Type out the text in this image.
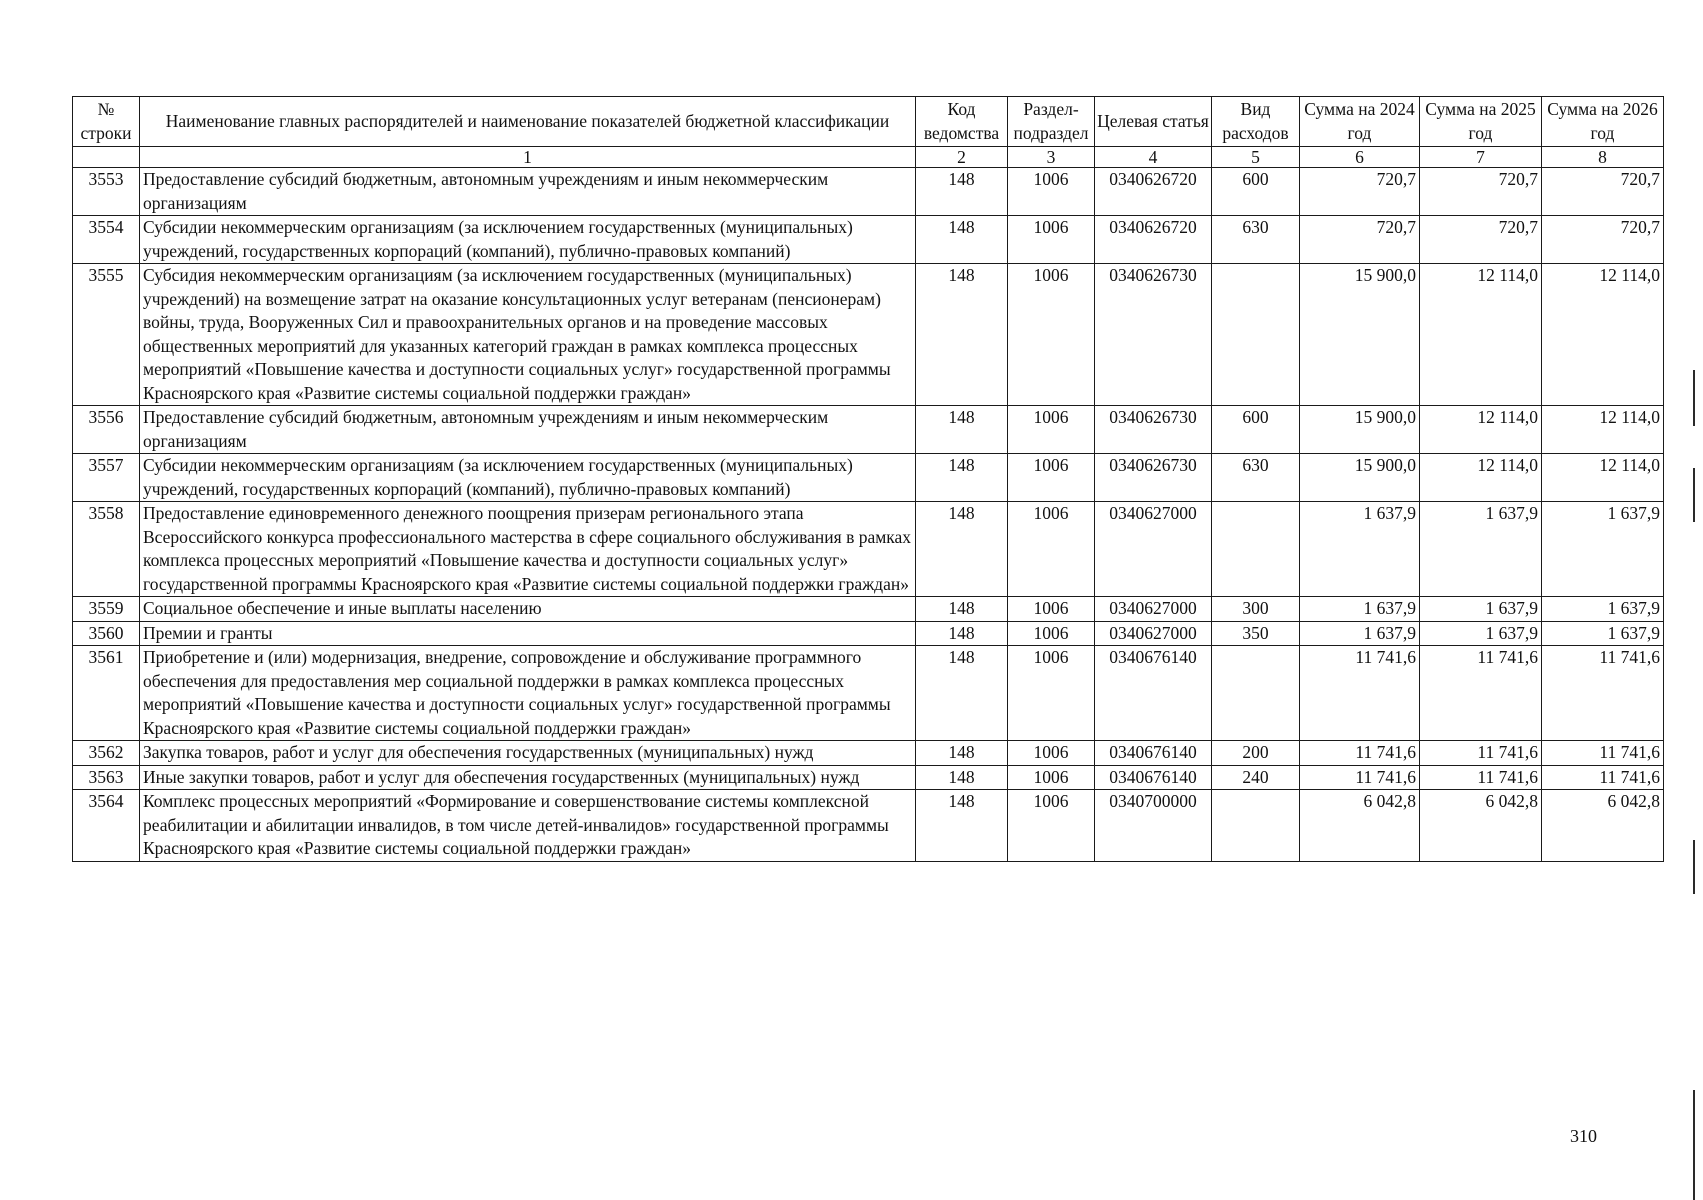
№ строки	Наименование главных распорядителей и наименование показателей бюджетной классификации	Код ведомства	Раздел-подраздел	Целевая статья	Вид расходов	Сумма на 2024 год	Сумма на 2025 год	Сумма на 2026 год
	1	2	3	4	5	6	7	8
3553	Предоставление субсидий бюджетным, автономным учреждениям и иным некоммерческим организациям	148	1006	0340626720	600	720,7	720,7	720,7
3554	Субсидии некоммерческим организациям (за исключением государственных (муниципальных) учреждений, государственных корпораций (компаний), публично-правовых компаний)	148	1006	0340626720	630	720,7	720,7	720,7
3555	Субсидия некоммерческим организациям (за исключением государственных (муниципальных) учреждений) на возмещение затрат на оказание консультационных услуг ветеранам (пенсионерам) войны, труда, Вооруженных Сил и правоохранительных органов и на проведение массовых общественных мероприятий для указанных категорий граждан в рамках комплекса процессных мероприятий «Повышение качества и доступности социальных услуг» государственной программы Красноярского края «Развитие системы социальной поддержки граждан»	148	1006	0340626730		15 900,0	12 114,0	12 114,0
3556	Предоставление субсидий бюджетным, автономным учреждениям и иным некоммерческим организациям	148	1006	0340626730	600	15 900,0	12 114,0	12 114,0
3557	Субсидии некоммерческим организациям (за исключением государственных (муниципальных) учреждений, государственных корпораций (компаний), публично-правовых компаний)	148	1006	0340626730	630	15 900,0	12 114,0	12 114,0
3558	Предоставление единовременного денежного поощрения призерам регионального этапа Всероссийского конкурса профессионального мастерства в сфере социального обслуживания в рамках комплекса процессных мероприятий «Повышение качества и доступности социальных услуг» государственной программы Красноярского края «Развитие системы социальной поддержки граждан»	148	1006	0340627000		1 637,9	1 637,9	1 637,9
3559	Социальное обеспечение и иные выплаты населению	148	1006	0340627000	300	1 637,9	1 637,9	1 637,9
3560	Премии и гранты	148	1006	0340627000	350	1 637,9	1 637,9	1 637,9
3561	Приобретение и (или) модернизация, внедрение, сопровождение и обслуживание программного обеспечения для предоставления мер социальной поддержки в рамках комплекса процессных мероприятий «Повышение качества и доступности социальных услуг» государственной программы Красноярского края «Развитие системы социальной поддержки граждан»	148	1006	0340676140		11 741,6	11 741,6	11 741,6
3562	Закупка товаров, работ и услуг для обеспечения государственных (муниципальных) нужд	148	1006	0340676140	200	11 741,6	11 741,6	11 741,6
3563	Иные закупки товаров, работ и услуг для обеспечения государственных (муниципальных) нужд	148	1006	0340676140	240	11 741,6	11 741,6	11 741,6
3564	Комплекс процессных мероприятий «Формирование и совершенствование системы комплексной реабилитации и абилитации инвалидов, в том числе детей-инвалидов» государственной программы Красноярского края «Развитие системы социальной поддержки граждан»	148	1006	0340700000		6 042,8	6 042,8	6 042,8
310
